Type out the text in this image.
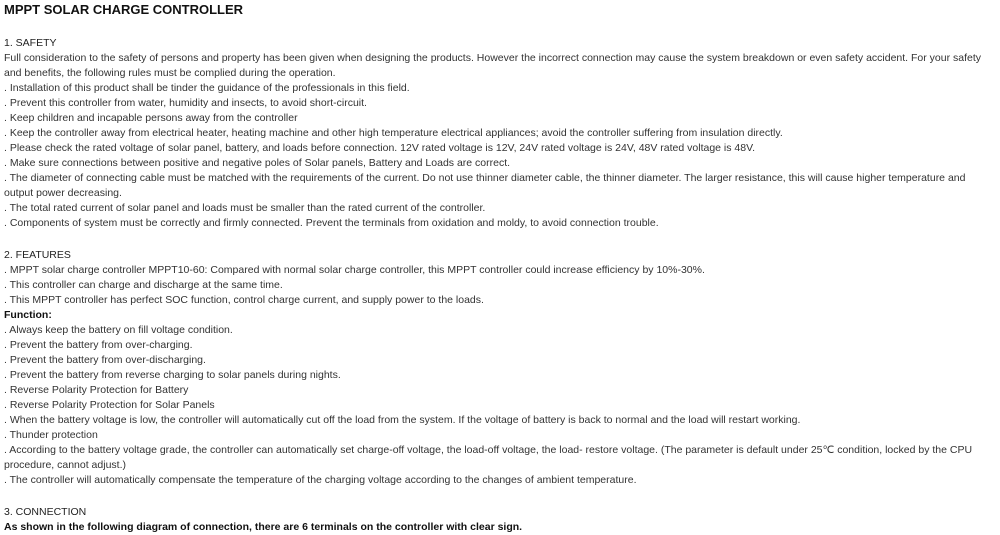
MPPT SOLAR CHARGE CONTROLLER
1. SAFETY
Full consideration to the safety of persons and property has been given when designing the products. However the incorrect connection may cause the system breakdown or even safety accident. For your safety and benefits, the following rules must be complied during the operation.
. Installation of this product shall be tinder the guidance of the professionals in this field.
. Prevent this controller from water, humidity and insects, to avoid short-circuit.
. Keep children and incapable persons away from the controller
. Keep the controller away from electrical heater, heating machine and other high temperature electrical appliances; avoid the controller suffering from insulation directly.
. Please check the rated voltage of solar panel, battery, and loads before connection. 12V rated voltage is 12V, 24V rated voltage is 24V, 48V rated voltage is 48V.
. Make sure connections between positive and negative poles of Solar panels, Battery and Loads are correct.
. The diameter of connecting cable must be matched with the requirements of the current. Do not use thinner diameter cable, the thinner diameter. The larger resistance, this will cause higher temperature and output power decreasing.
. The total rated current of solar panel and loads must be smaller than the rated current of the controller.
. Components of system must be correctly and firmly connected. Prevent the terminals from oxidation and moldy, to avoid connection trouble.
2. FEATURES
. MPPT solar charge controller MPPT10-60: Compared with normal solar charge controller, this MPPT controller could increase efficiency by 10%-30%.
. This controller can charge and discharge at the same time.
. This MPPT controller has perfect SOC function, control charge current, and supply power to the loads.
Function:
. Always keep the battery on fill voltage condition.
. Prevent the battery from over-charging.
. Prevent the battery from over-discharging.
. Prevent the battery from reverse charging to solar panels during nights.
. Reverse Polarity Protection for Battery
. Reverse Polarity Protection for Solar Panels
. When the battery voltage is low, the controller will automatically cut off the load from the system. If the voltage of battery is back to normal and the load will restart working.
. Thunder protection
. According to the battery voltage grade, the controller can automatically set charge-off voltage, the load-off voltage, the load- restore voltage. (The parameter is default under 25℃ condition, locked by the CPU procedure, cannot adjust.)
. The controller will automatically compensate the temperature of the charging voltage according to the changes of ambient temperature.
3. CONNECTION
As shown in the following diagram of connection, there are 6 terminals on the controller with clear sign.
